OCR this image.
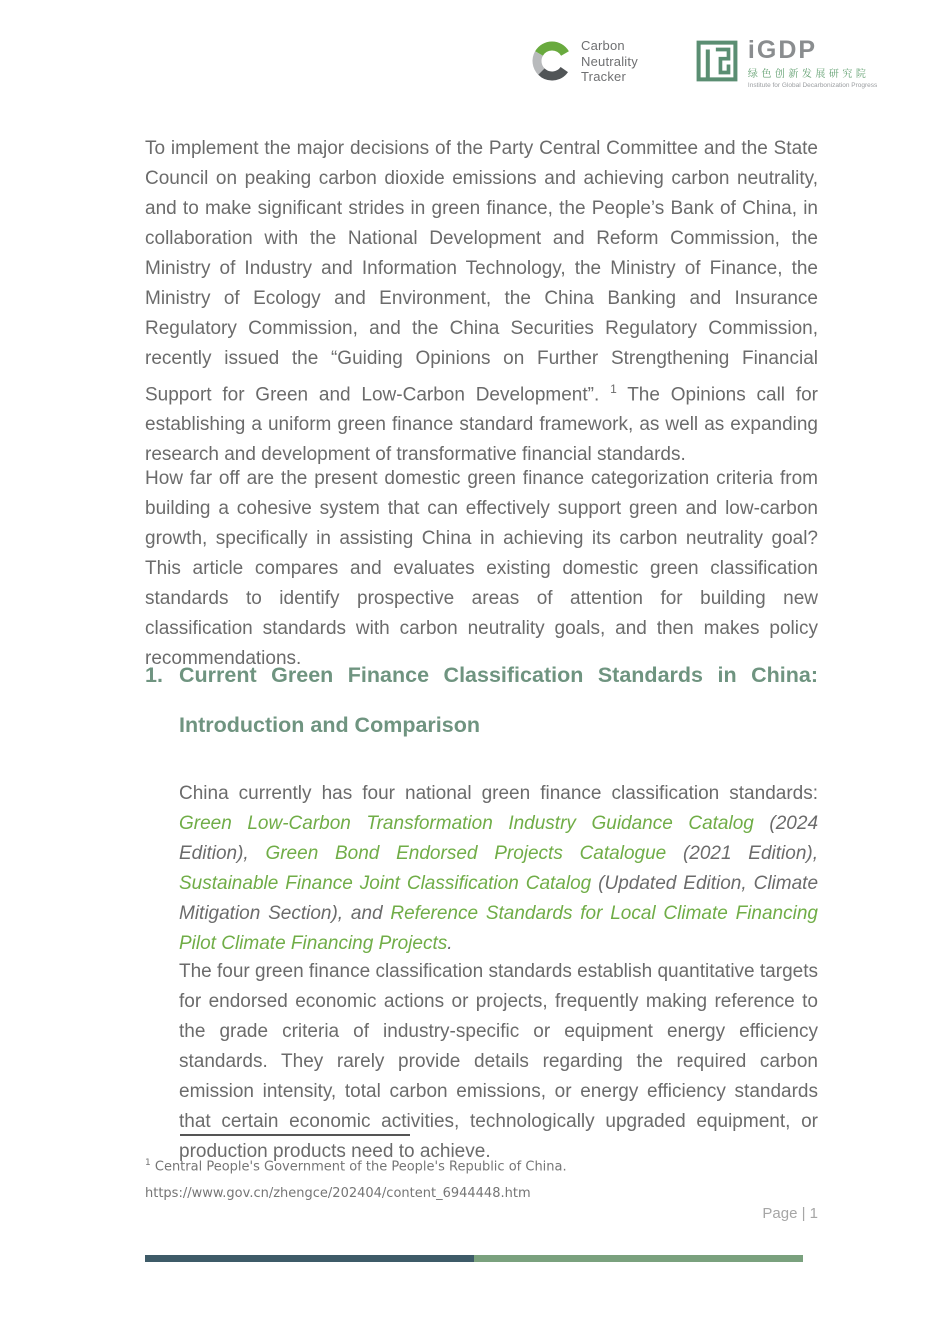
Carbon
Neutrality
Tracker
iGDP
绿色创新发展研究院
Institute for Global Decarbonization Progress

To implement the major decisions of the Party Central Committee and the State Council on peaking carbon dioxide emissions and achieving carbon neutrality, and to make significant strides in green finance, the People’s Bank of China, in collaboration with the National Development and Reform Commission, the Ministry of Industry and Information Technology, the Ministry of Finance, the Ministry of Ecology and Environment, the China Banking and Insurance Regulatory Commission, and the China Securities Regulatory Commission, recently issued the “Guiding Opinions on Further Strengthening Financial Support for Green and Low-Carbon Development”. $^1$ The Opinions call for establishing a uniform green finance standard framework, as well as expanding research and development of transformative financial standards.

How far off are the present domestic green finance categorization criteria from building a cohesive system that can effectively support green and low-carbon growth, specifically in assisting China in achieving its carbon neutrality goal? This article compares and evaluates existing domestic green classification standards to identify prospective areas of attention for building new classification standards with carbon neutrality goals, and then makes policy recommendations.

1. Current Green Finance Classification Standards in China:
Introduction and Comparison

China currently has four national green finance classification standards: Green Low-Carbon Transformation Industry Guidance Catalog (2024 Edition), Green Bond Endorsed Projects Catalogue (2021 Edition), Sustainable Finance Joint Classification Catalog (Updated Edition, Climate Mitigation Section), and Reference Standards for Local Climate Financing Pilot Climate Financing Projects.

The four green finance classification standards establish quantitative targets for endorsed economic actions or projects, frequently making reference to the grade criteria of industry-specific or equipment energy efficiency standards. They rarely provide details regarding the required carbon emission intensity, total carbon emissions, or energy efficiency standards that certain economic activities, technologically upgraded equipment, or production products need to achieve.

$^1$ Central People's Government of the People's Republic of China.
https://www.gov.cn/zhengce/202404/content_6944448.htm
Page | 1
